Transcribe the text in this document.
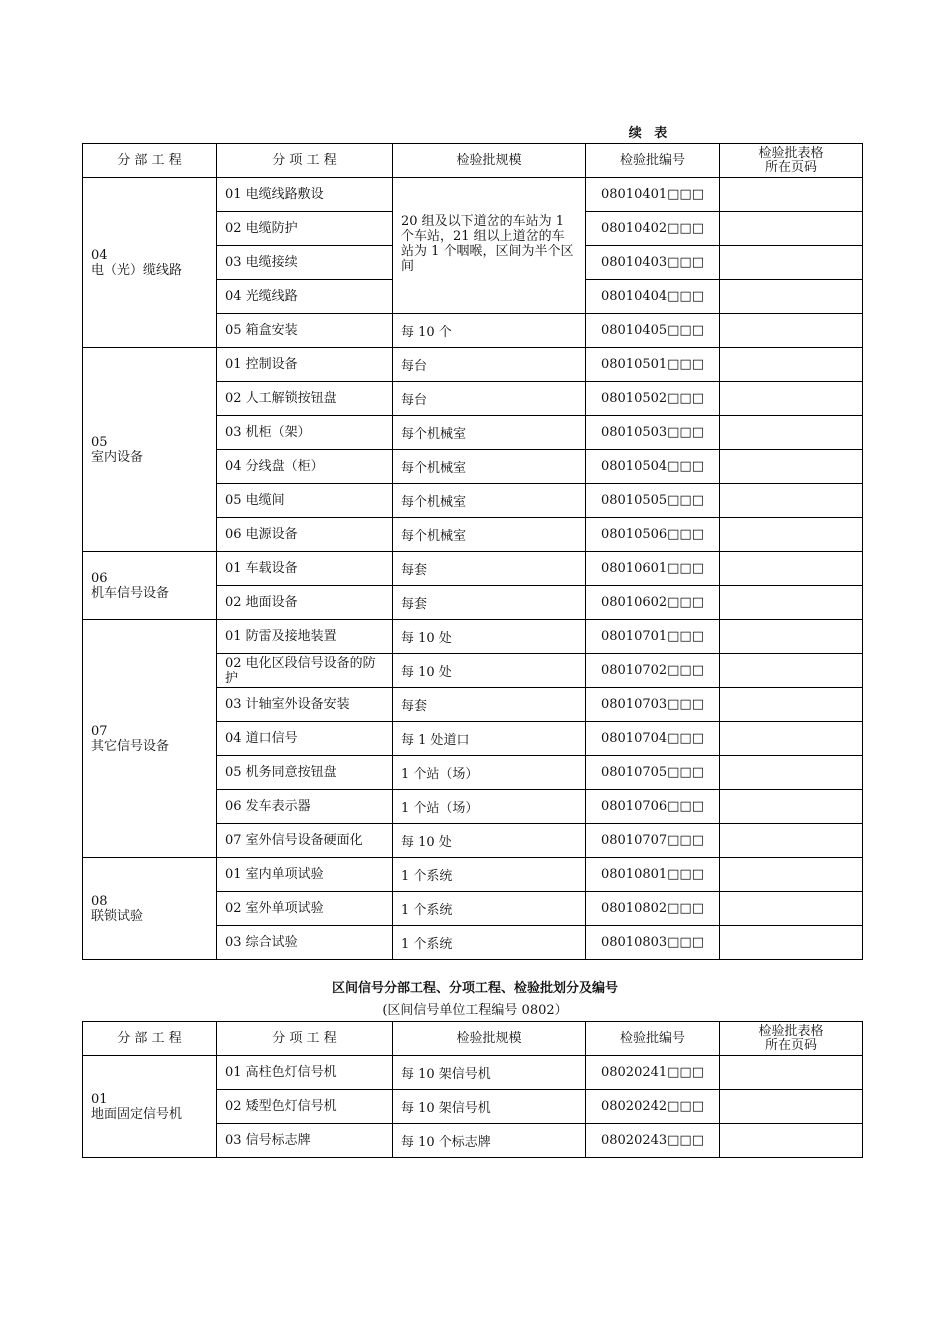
续 表
分 部 工 程	分 项 工 程	检验批规模	检验批编号	检验批表格
所在页码
04
电（光）缆线路	01 电缆线路敷设	20 组及以下道岔的车站为 1 个车站，21 组以上道岔的车站为 1 个咽喉，区间为半个区间	08010401□□□	
	02 电缆防护		08010402□□□	
	03 电缆接续		08010403□□□	
	04 光缆线路		08010404□□□	
	05 箱盒安装	每 10 个	08010405□□□	
05
室内设备	01 控制设备	每台	08010501□□□	
	02 人工解锁按钮盘	每台	08010502□□□	
	03 机柜（架）	每个机械室	08010503□□□	
	04 分线盘（柜）	每个机械室	08010504□□□	
	05 电缆间	每个机械室	08010505□□□	
	06 电源设备	每个机械室	08010506□□□	
06
机车信号设备	01 车载设备	每套	08010601□□□	
	02 地面设备	每套	08010602□□□	
07
其它信号设备	01 防雷及接地装置	每 10 处	08010701□□□	
	02 电化区段信号设备的防护	每 10 处	08010702□□□	
	03 计轴室外设备安装	每套	08010703□□□	
	04 道口信号	每 1 处道口	08010704□□□	
	05 机务同意按钮盘	1 个站（场）	08010705□□□	
	06 发车表示器	1 个站（场）	08010706□□□	
	07 室外信号设备硬面化	每 10 处	08010707□□□	
08
联锁试验	01 室内单项试验	1 个系统	08010801□□□	
	02 室外单项试验	1 个系统	08010802□□□	
	03 综合试验	1 个系统	08010803□□□	
区间信号分部工程、分项工程、检验批划分及编号
(区间信号单位工程编号 0802）
分 部 工 程	分 项 工 程	检验批规模	检验批编号	检验批表格
所在页码
01
地面固定信号机	01 高柱色灯信号机	每 10 架信号机	08020241□□□	
	02 矮型色灯信号机	每 10 架信号机	08020242□□□	
	03 信号标志牌	每 10 个标志牌	08020243□□□	
